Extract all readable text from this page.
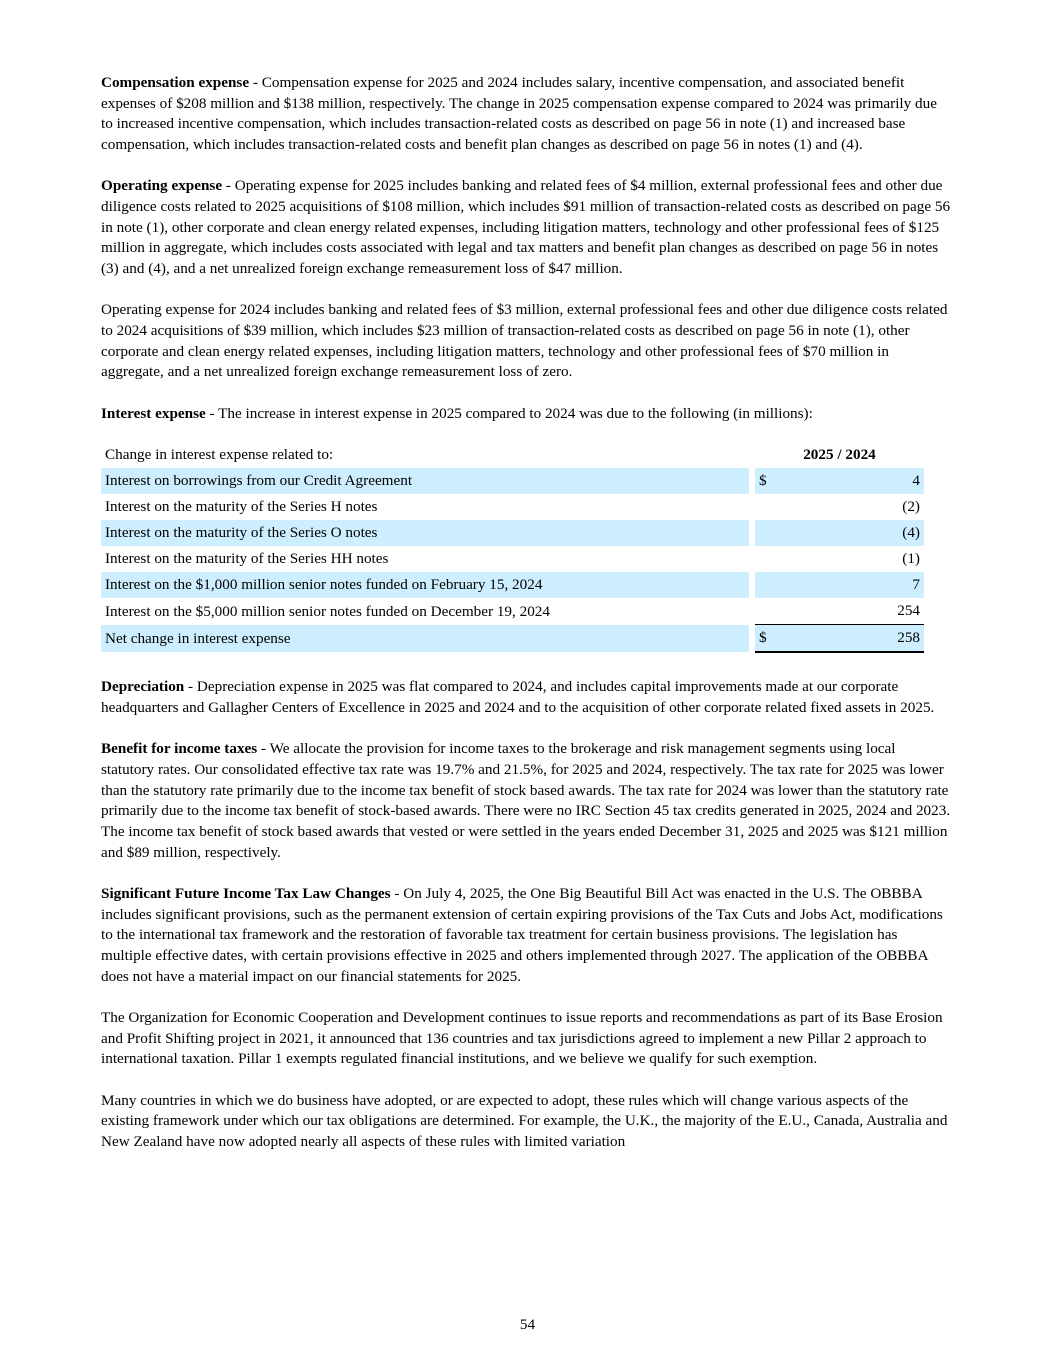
Compensation expense - Compensation expense for 2025 and 2024 includes salary, incentive compensation, and associated benefit expenses of $208 million and $138 million, respectively. The change in 2025 compensation expense compared to 2024 was primarily due to increased incentive compensation, which includes transaction-related costs as described on page 56 in note (1) and increased base compensation, which includes transaction-related costs and benefit plan changes as described on page 56 in notes (1) and (4).

Operating expense - Operating expense for 2025 includes banking and related fees of $4 million, external professional fees and other due diligence costs related to 2025 acquisitions of $108 million, which includes $91 million of transaction-related costs as described on page 56 in note (1), other corporate and clean energy related expenses, including litigation matters, technology and other professional fees of $125 million in aggregate, which includes costs associated with legal and tax matters and benefit plan changes as described on page 56 in notes (3) and (4), and a net unrealized foreign exchange remeasurement loss of $47 million.

Operating expense for 2024 includes banking and related fees of $3 million, external professional fees and other due diligence costs related to 2024 acquisitions of $39 million, which includes $23 million of transaction-related costs as described on page 56 in note (1), other corporate and clean energy related expenses, including litigation matters, technology and other professional fees of $70 million in aggregate, and a net unrealized foreign exchange remeasurement loss of zero.

Interest expense - The increase in interest expense in 2025 compared to 2024 was due to the following (in millions):

Change in interest expense related to:		2025 / 2024	
Interest on borrowings from our Credit Agreement		$	4
Interest on the maturity of the Series H notes			(2)
Interest on the maturity of the Series O notes			(4)
Interest on the maturity of the Series HH notes			(1)
Interest on the $1,000 million senior notes funded on February 15, 2024			7
Interest on the $5,000 million senior notes funded on December 19, 2024			254
Net change in interest expense		$	258

Depreciation - Depreciation expense in 2025 was flat compared to 2024, and includes capital improvements made at our corporate headquarters and Gallagher Centers of Excellence in 2025 and 2024 and to the acquisition of other corporate related fixed assets in 2025.

Benefit for income taxes - We allocate the provision for income taxes to the brokerage and risk management segments using local statutory rates. Our consolidated effective tax rate was 19.7% and 21.5%, for 2025 and 2024, respectively. The tax rate for 2025 was lower than the statutory rate primarily due to the income tax benefit of stock based awards. The tax rate for 2024 was lower than the statutory rate primarily due to the income tax benefit of stock-based awards. There were no IRC Section 45 tax credits generated in 2025, 2024 and 2023. The income tax benefit of stock based awards that vested or were settled in the years ended December 31, 2025 and 2025 was $121 million and $89 million, respectively.

Significant Future Income Tax Law Changes - On July 4, 2025, the One Big Beautiful Bill Act was enacted in the U.S. The OBBBA includes significant provisions, such as the permanent extension of certain expiring provisions of the Tax Cuts and Jobs Act, modifications to the international tax framework and the restoration of favorable tax treatment for certain business provisions. The legislation has multiple effective dates, with certain provisions effective in 2025 and others implemented through 2027. The application of the OBBBA does not have a material impact on our financial statements for 2025.

The Organization for Economic Cooperation and Development continues to issue reports and recommendations as part of its Base Erosion and Profit Shifting project in 2021, it announced that 136 countries and tax jurisdictions agreed to implement a new Pillar 2 approach to international taxation. Pillar 1 exempts regulated financial institutions, and we believe we qualify for such exemption.

Many countries in which we do business have adopted, or are expected to adopt, these rules which will change various aspects of the existing framework under which our tax obligations are determined. For example, the U.K., the majority of the E.U., Canada, Australia and New Zealand have now adopted nearly all aspects of these rules with limited variation

54
